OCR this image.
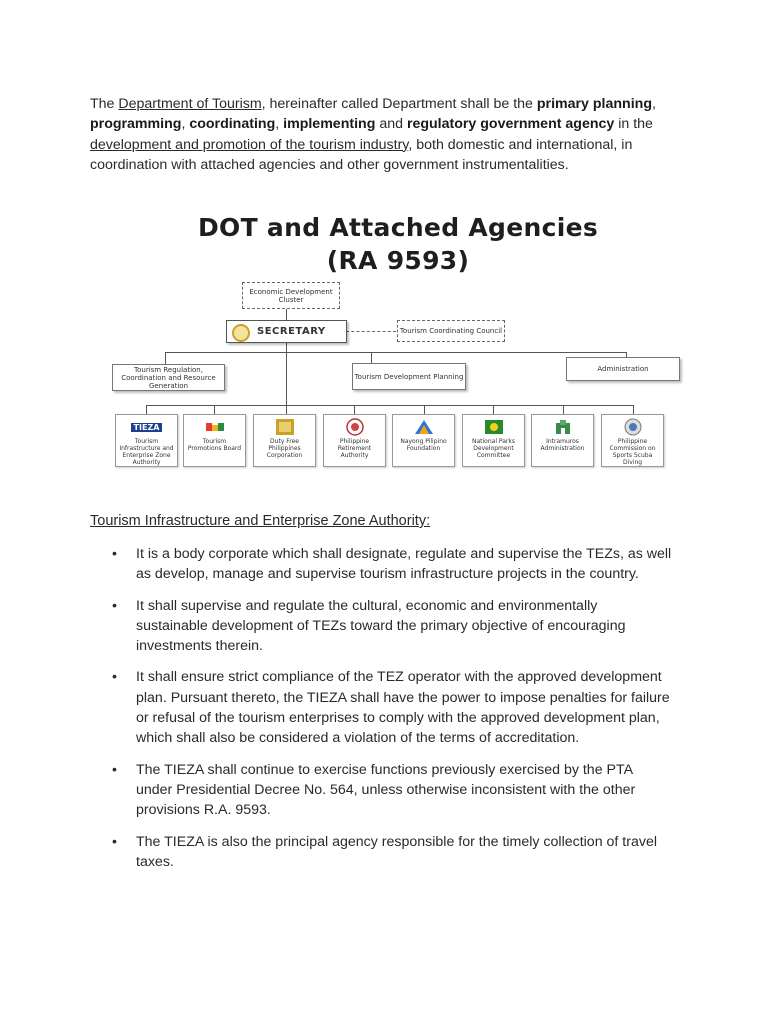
The Department of Tourism, hereinafter called Department shall be the primary planning, programming, coordinating, implementing and regulatory government agency in the development and promotion of the tourism industry, both domestic and international, in coordination with attached agencies and other government instrumentalities.
DOT and Attached Agencies
(RA 9593)
Economic Development Cluster
SECRETARY	Tourism Coordinating Council
Tourism Regulation, Coordination and Resource Generation
Tourism Development Planning
Administration
TIEZA
Tourism Infrastructure and Enterprise Zone Authority
Tourism Promotions Board
Duty Free Philippines Corporation
Philippine Retirement Authority
Nayong Pilipino Foundation
National Parks Development Committee
Intramuros Administration
Philippine Commission on Sports Scuba Diving
Tourism Infrastructure and Enterprise Zone Authority:
• It is a body corporate which shall designate, regulate and supervise the TEZs, as well as develop, manage and supervise tourism infrastructure projects in the country.
• It shall supervise and regulate the cultural, economic and environmentally sustainable development of TEZs toward the primary objective of encouraging investments therein.
• It shall ensure strict compliance of the TEZ operator with the approved development plan. Pursuant thereto, the TIEZA shall have the power to impose penalties for failure or refusal of the tourism enterprises to comply with the approved development plan, which shall also be considered a violation of the terms of accreditation.
• The TIEZA shall continue to exercise functions previously exercised by the PTA under Presidential Decree No. 564, unless otherwise inconsistent with the other provisions R.A. 9593.
• The TIEZA is also the principal agency responsible for the timely collection of travel taxes.
